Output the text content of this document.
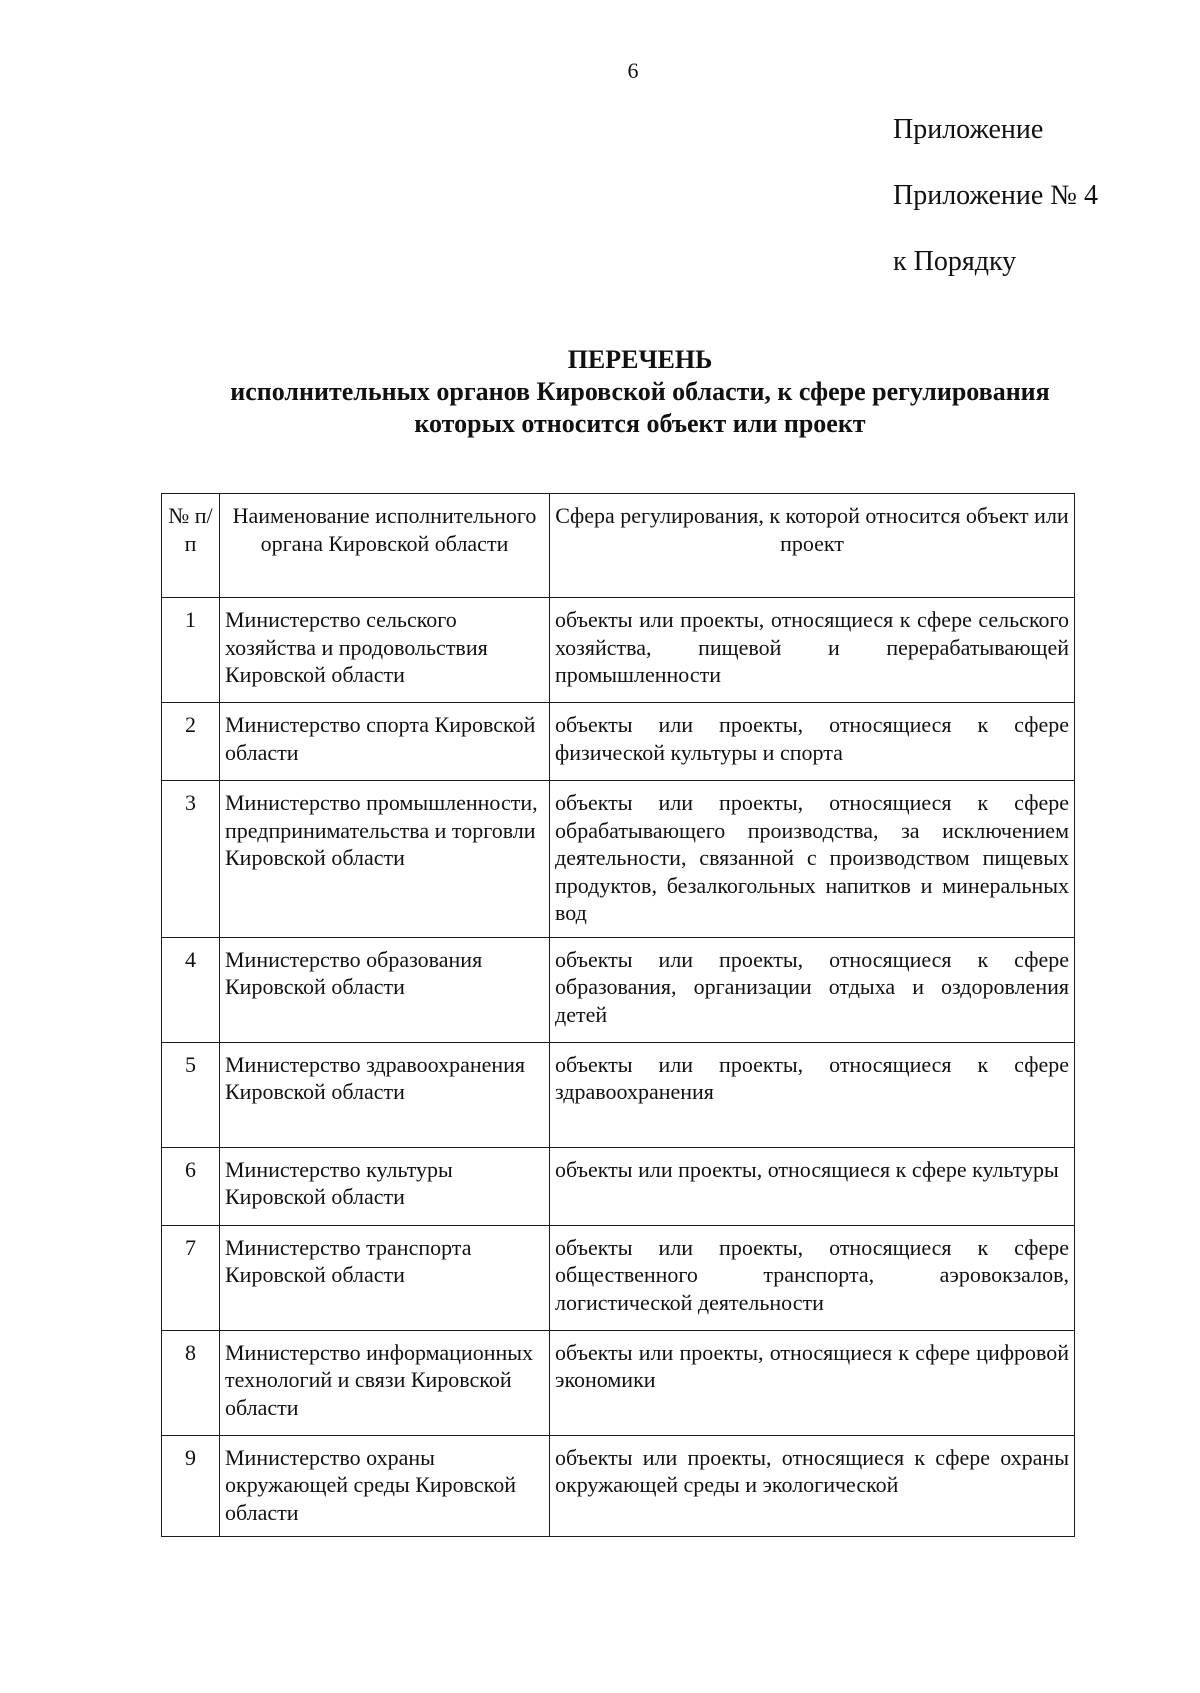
6
Приложение
Приложение № 4
к Порядку
ПЕРЕЧЕНЬ
исполнительных органов Кировской области, к сфере регулирования
которых относится объект или проект
№ п/п	Наименование исполнительного органа Кировской области	Сфера регулирования, к которой относится объект или проект
1	Министерство сельского хозяйства и продовольствия Кировской области	объекты или проекты, относящиеся к сфере сельского хозяйства, пищевой и перерабатывающей промышленности
2	Министерство спорта Кировской области	объекты или проекты, относящиеся к сфере физической культуры и спорта
3	Министерство промышленности, предпринимательства и торговли Кировской области	объекты или проекты, относящиеся к сфере обрабатывающего производства, за исключением деятельности, связанной с производством пищевых продуктов, безалкогольных напитков и минеральных вод
4	Министерство образования Кировской области	объекты или проекты, относящиеся к сфере образования, организации отдыха и оздоровления детей
5	Министерство здравоохранения Кировской области	объекты или проекты, относящиеся к сфере здравоохранения
6	Министерство культуры Кировской области	объекты или проекты, относящиеся к сфере культуры
7	Министерство транспорта Кировской области	объекты или проекты, относящиеся к сфере общественного транспорта, аэровокзалов, логистической деятельности
8	Министерство информационных технологий и связи Кировской области	объекты или проекты, относящиеся к сфере цифровой экономики
9	Министерство охраны окружающей среды Кировской области	объекты или проекты, относящиеся к сфере охраны окружающей среды и экологической
